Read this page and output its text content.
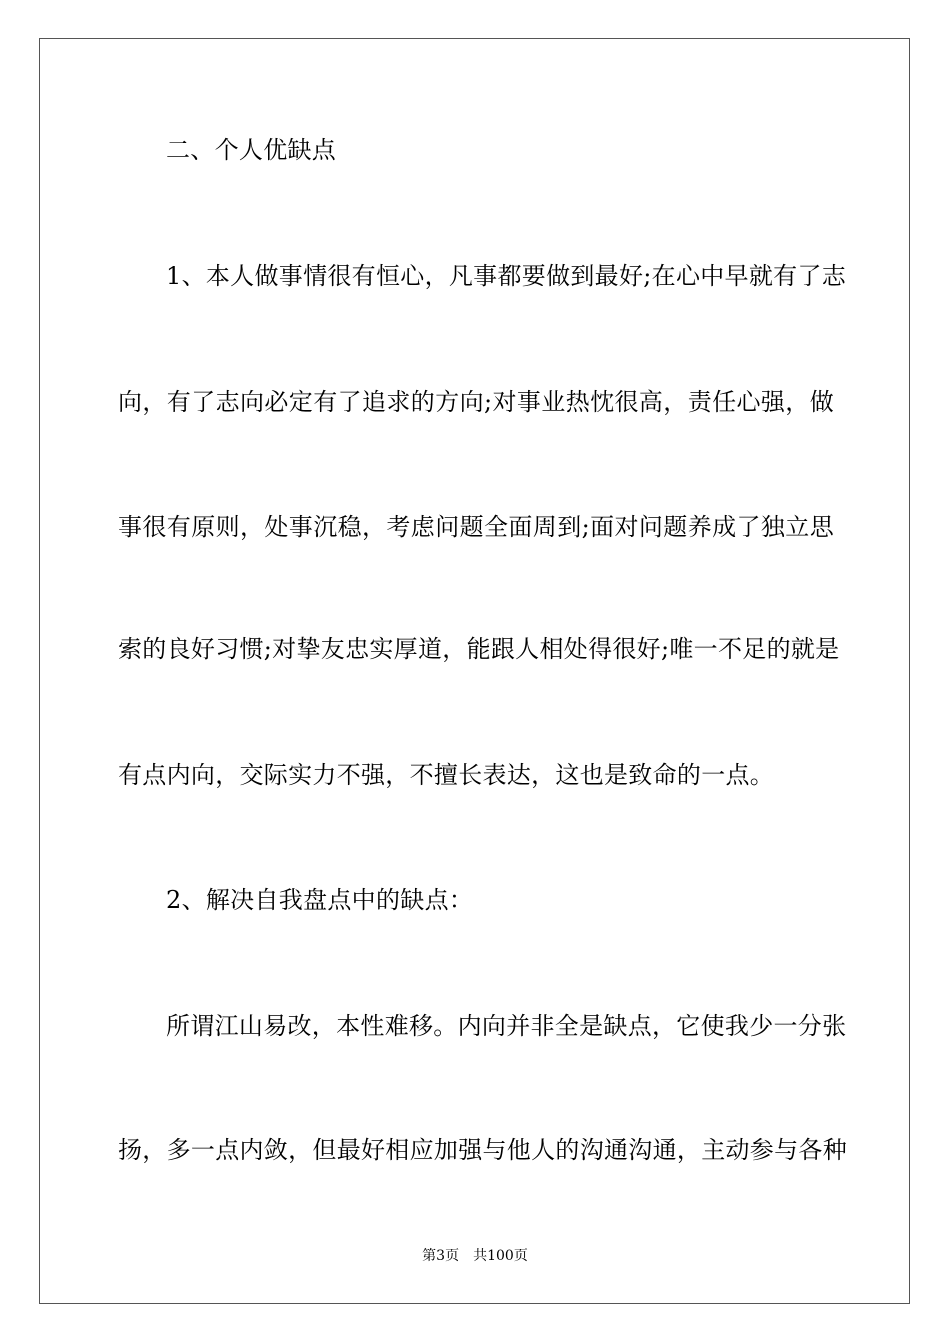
二、个人优缺点
1、本人做事情很有恒心，凡事都要做到最好;在心中早就有了志
向，有了志向必定有了追求的方向;对事业热忱很高，责任心强，做
事很有原则，处事沉稳，考虑问题全面周到;面对问题养成了独立思
索的良好习惯;对挚友忠实厚道，能跟人相处得很好;唯一不足的就是
有点内向，交际实力不强，不擅长表达，这也是致命的一点。
2、解决自我盘点中的缺点：
所谓江山易改，本性难移。内向并非全是缺点，它使我少一分张
扬，多一点内敛，但最好相应加强与他人的沟通沟通，主动参与各种
第3页 共100页
